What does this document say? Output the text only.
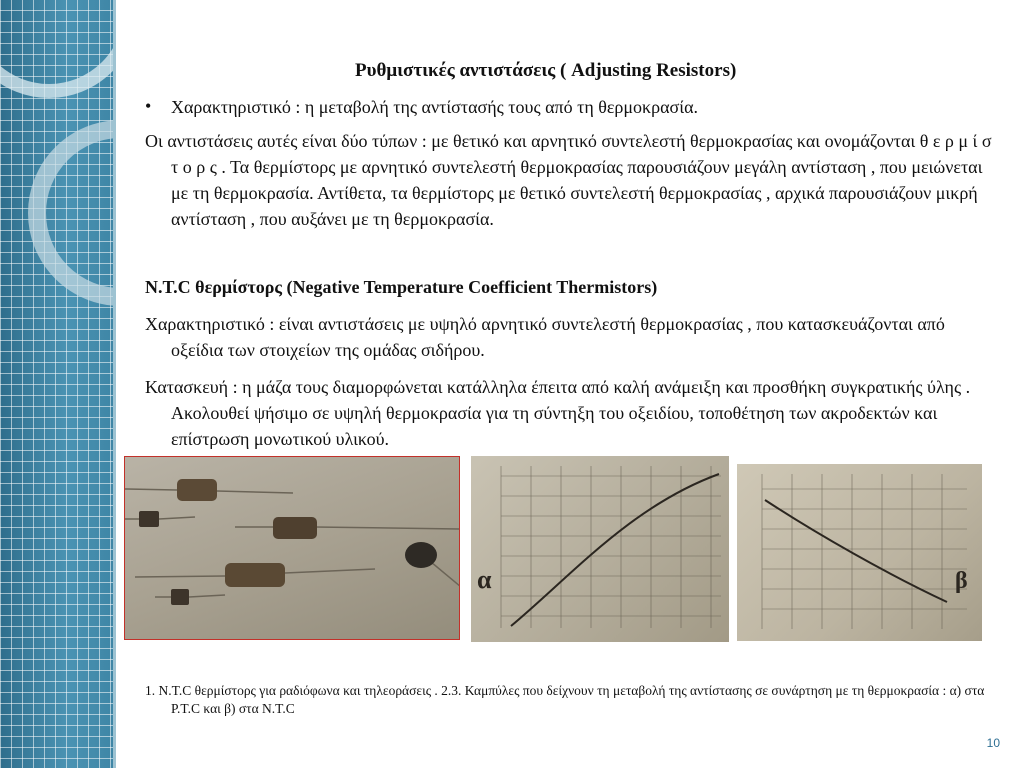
Ρυθμιστικές αντιστάσεις ( Adjusting Resistors)
• Χαρακτηριστικό : η μεταβολή της αντίστασής τους από τη θερμοκρασία.
Οι αντιστάσεις αυτές είναι δύο τύπων : με θετικό και αρνητικό συντελεστή θερμοκρασίας και ονομάζονται θ ε ρ μ ί σ τ ο ρ ς . Τα θερμίστορς με αρνητικό συντελεστή θερμοκρασίας παρουσιάζουν μεγάλη αντίσταση , που μειώνεται με τη θερμοκρασία. Αντίθετα, τα θερμίστορς με θετικό συντελεστή θερμοκρασίας , αρχικά παρουσιάζουν μικρή αντίσταση , που αυξάνει με τη θερμοκρασία.
N.T.C θερμίστορς (Negative Temperature Coefficient Thermistors)
Χαρακτηριστικό : είναι αντιστάσεις με υψηλό αρνητικό συντελεστή θερμοκρασίας , που κατασκευάζονται από οξείδια των στοιχείων της ομάδας σιδήρου.
Κατασκευή : η μάζα τους διαμορφώνεται κατάλληλα έπειτα από καλή ανάμειξη και προσθήκη συγκρατικής ύλης . Ακολουθεί ψήσιμο σε υψηλή θερμοκρασία για τη σύντηξη του οξειδίου, τοποθέτηση των ακροδεκτών και επίστρωση μονωτικού υλικού.
α	β
1. N.T.C θερμίστορς για ραδιόφωνα και τηλεοράσεις . 2.3. Καμπύλες που δείχνουν τη μεταβολή της αντίστασης σε συνάρτηση με τη θερμοκρασία : α) στα P.T.C και β) στα N.T.C
10
